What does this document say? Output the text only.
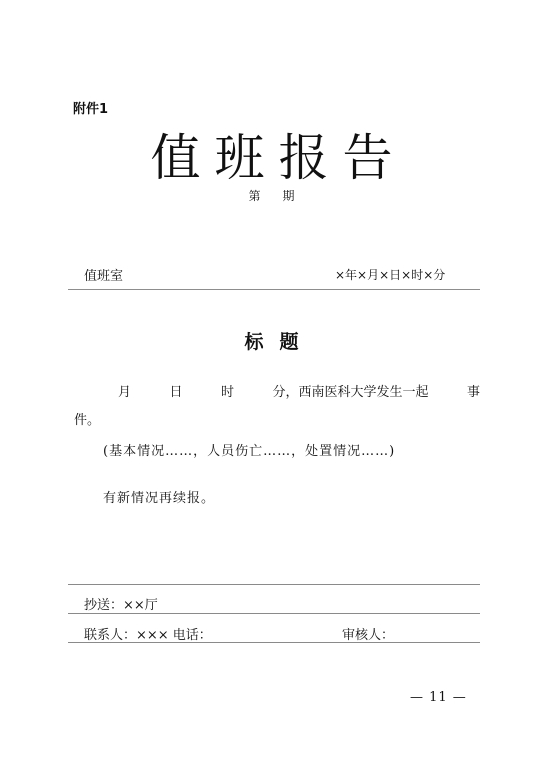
附件1
值班报告
第期
值班室	×年×月×日×时×分
标题
月	日	时	分，西南医科大学发生一起	事
件。
(基本情况……，人员伤亡……，处置情况……)
有新情况再续报。
抄送：××厅
联系人：××× 电话：	审核人：
— 11 —
